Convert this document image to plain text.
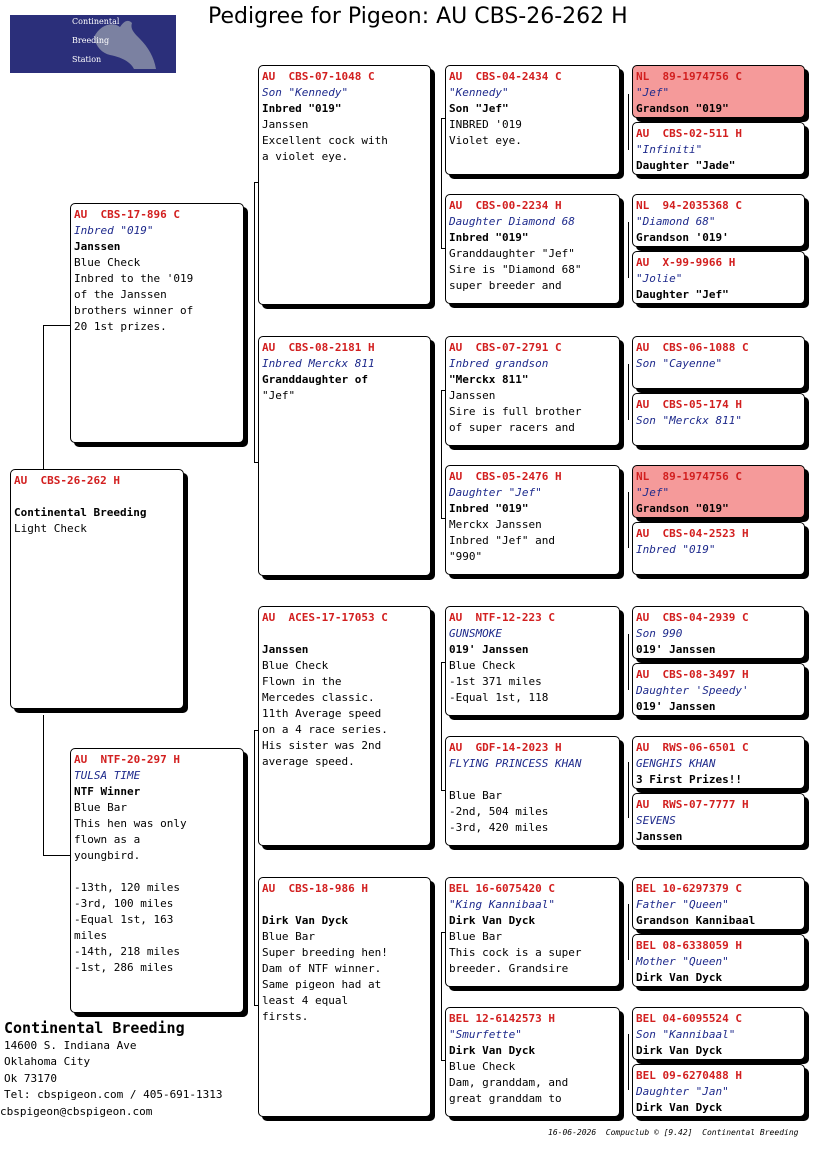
Pedigree for Pigeon: AU CBS-26-262 H
Continental
Breeding
Station
AU  CBS-26-262 H

Continental Breeding
Light Check
AU  CBS-17-896 C
Inbred "019"
Janssen
Blue Check
Inbred to the '019
of the Janssen
brothers winner of
20 1st prizes.
AU  NTF-20-297 H
TULSA TIME
NTF Winner
Blue Bar
This hen was only
flown as a
youngbird.

-13th, 120 miles
-3rd, 100 miles
-Equal 1st, 163
miles
-14th, 218 miles
-1st, 286 miles
AU  CBS-07-1048 C
Son "Kennedy"
Inbred "019"
Janssen
Excellent cock with
a violet eye.
AU  CBS-08-2181 H
Inbred Merckx 811
Granddaughter of
"Jef"
AU  ACES-17-17053 C

Janssen
Blue Check
Flown in the
Mercedes classic.
11th Average speed
on a 4 race series.
His sister was 2nd
average speed.
AU  CBS-18-986 H

Dirk Van Dyck
Blue Bar
Super breeding hen!
Dam of NTF winner.
Same pigeon had at
least 4 equal
firsts.
AU  CBS-04-2434 C
"Kennedy"
Son "Jef"
INBRED '019
Violet eye.
AU  CBS-00-2234 H
Daughter Diamond 68
Inbred "019"
Granddaughter "Jef"
Sire is "Diamond 68"
super breeder and
AU  CBS-07-2791 C
Inbred grandson
"Merckx 811"
Janssen
Sire is full brother
of super racers and
AU  CBS-05-2476 H
Daughter "Jef"
Inbred "019"
Merckx Janssen
Inbred "Jef" and
"990"
AU  NTF-12-223 C
GUNSMOKE
019' Janssen
Blue Check
-1st 371 miles
-Equal 1st, 118
AU  GDF-14-2023 H
FLYING PRINCESS KHAN

Blue Bar
-2nd, 504 miles
-3rd, 420 miles
BEL 16-6075420 C
"King Kannibaal"
Dirk Van Dyck
Blue Bar
This cock is a super
breeder. Grandsire
BEL 12-6142573 H
"Smurfette"
Dirk Van Dyck
Blue Check
Dam, granddam, and
great granddam to
NL  89-1974756 C
"Jef"
Grandson "019"
AU  CBS-02-511 H
"Infiniti"
Daughter "Jade"
NL  94-2035368 C
"Diamond 68"
Grandson '019'
AU  X-99-9966 H
"Jolie"
Daughter "Jef"
AU  CBS-06-1088 C
Son "Cayenne"
AU  CBS-05-174 H
Son "Merckx 811"
NL  89-1974756 C
"Jef"
Grandson "019"
AU  CBS-04-2523 H
Inbred "019"
AU  CBS-04-2939 C
Son 990
019' Janssen
AU  CBS-08-3497 H
Daughter 'Speedy'
019' Janssen
AU  RWS-06-6501 C
GENGHIS KHAN
3 First Prizes!!
AU  RWS-07-7777 H
SEVENS
Janssen
BEL 10-6297379 C
Father "Queen"
Grandson Kannibaal
BEL 08-6338059 H
Mother "Queen"
Dirk Van Dyck
BEL 04-6095524 C
Son "Kannibaal"
Dirk Van Dyck
BEL 09-6270488 H
Daughter "Jan"
Dirk Van Dyck
Continental Breeding
14600 S. Indiana Ave
Oklahoma City
Ok 73170
Tel: cbspigeon.com / 405-691-1313
cbspigeon@cbspigeon.com
16-06-2026  Compuclub © [9.42]  Continental Breeding
